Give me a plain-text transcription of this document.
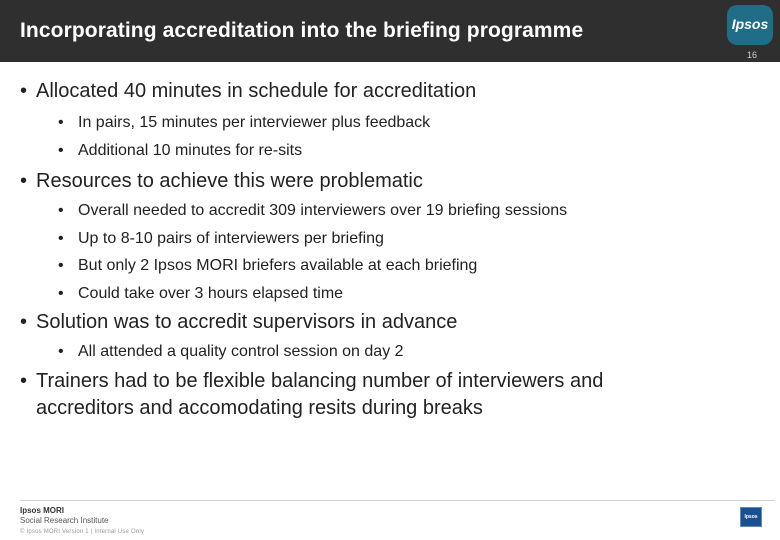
Incorporating accreditation into the briefing programme	Ipsos
16
• Allocated 40 minutes in schedule for accreditation
• In pairs, 15 minutes per interviewer plus feedback
• Additional 10 minutes for re-sits
• Resources to achieve this were problematic
• Overall needed to accredit 309 interviewers over 19 briefing sessions
• Up to 8-10 pairs of interviewers per briefing
• But only 2 Ipsos MORI briefers available at each briefing
• Could take over 3 hours elapsed time
• Solution was to accredit supervisors in advance
• All attended a quality control session on day 2
• Trainers had to be flexible balancing number of interviewers and accreditors and accomodating resits during breaks
Ipsos MORI
Social Research Institute
© Ipsos MORI Version 1 | Internal Use Only
Ipsos
